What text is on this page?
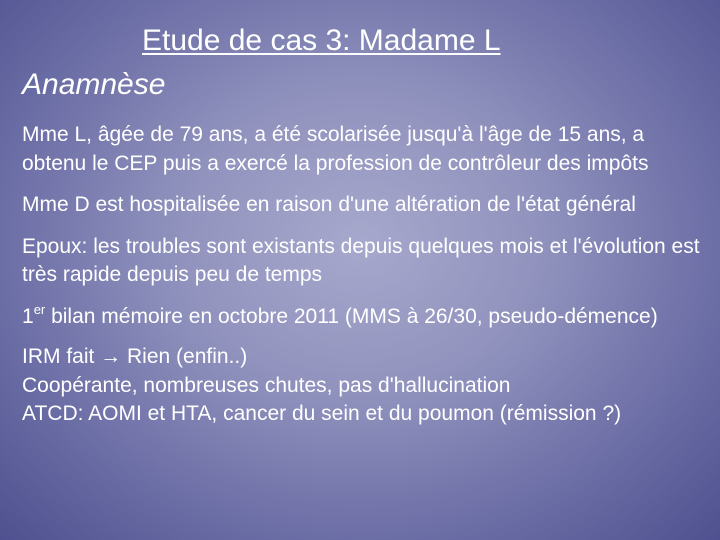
Etude de cas 3: Madame L
Anamnèse

Mme L, âgée de 79 ans, a été scolarisée jusqu'à l'âge de 15 ans, a obtenu le CEP puis a exercé la profession de contrôleur des impôts

Mme D est hospitalisée en raison d'une altération de l'état général

Epoux: les troubles sont existants depuis quelques mois et l'évolution est très rapide depuis peu de temps

1er bilan mémoire en octobre 2011 (MMS à 26/30, pseudo-démence)

IRM fait → Rien (enfin..)
Coopérante, nombreuses chutes, pas d'hallucination
ATCD: AOMI et HTA, cancer du sein et du poumon (rémission ?)
